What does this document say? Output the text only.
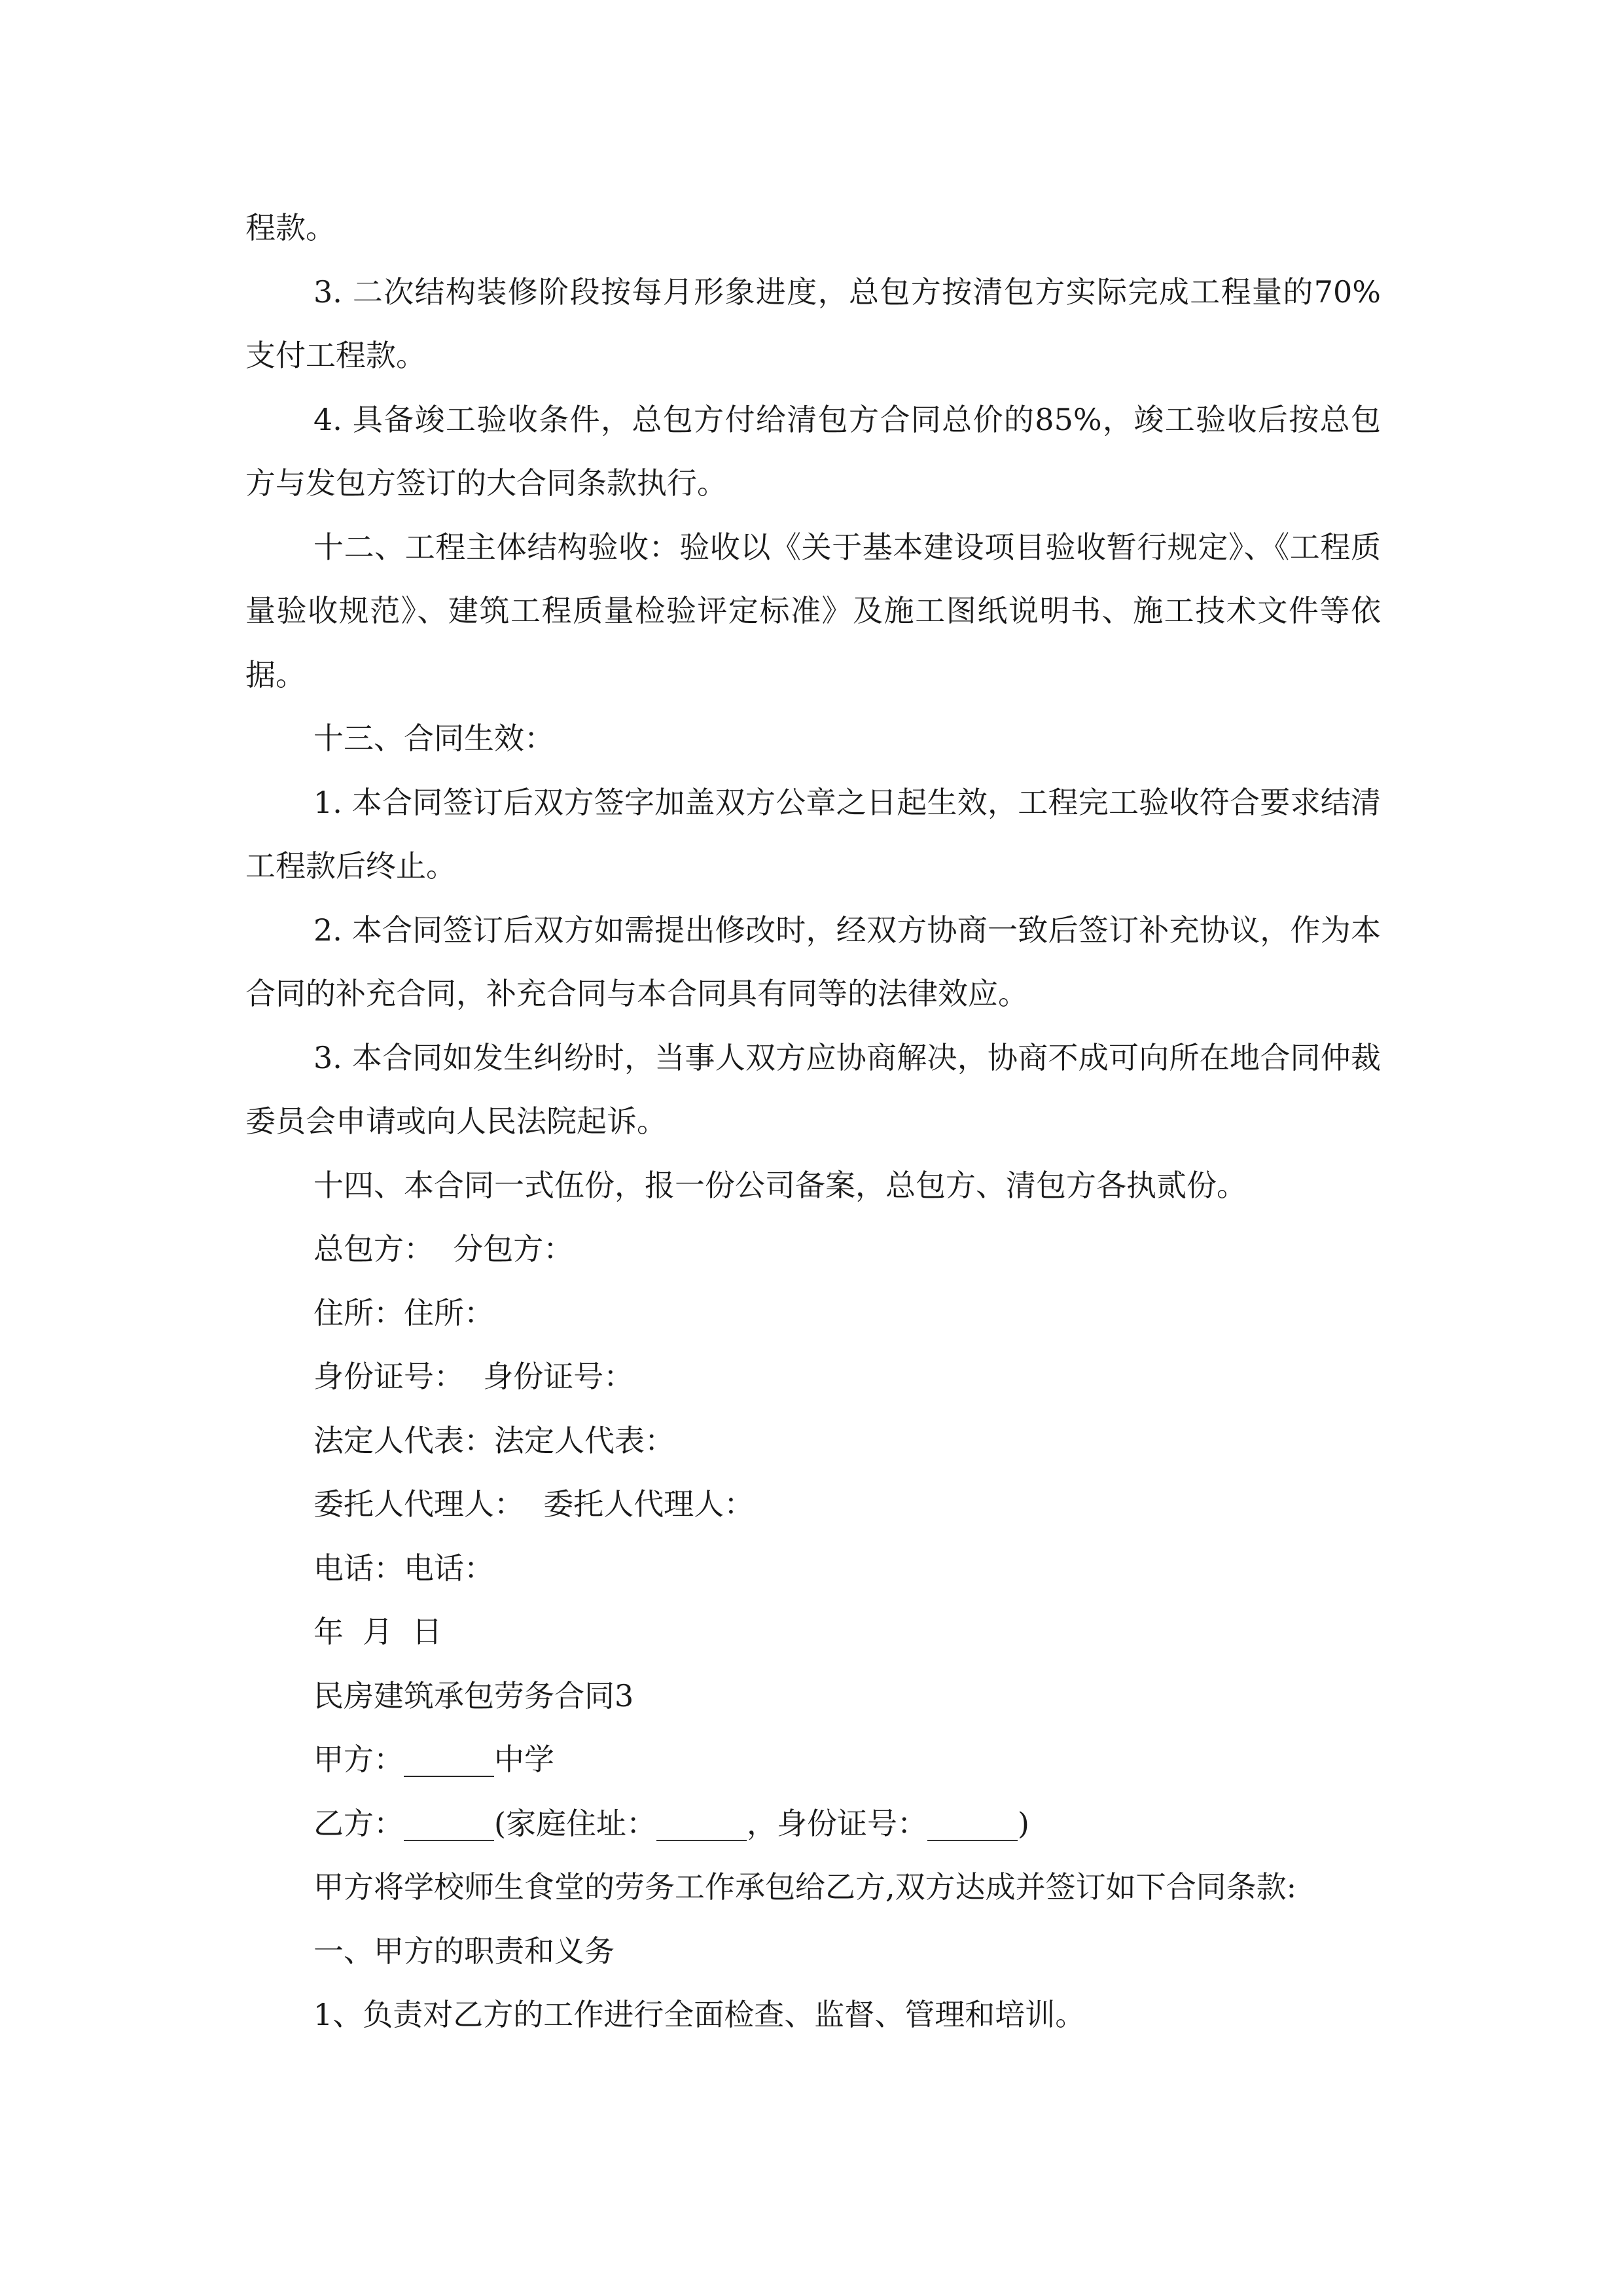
程款。

3. 二次结构装修阶段按每月形象进度，总包方按清包方实际完成工程量的70%支付工程款。

4. 具备竣工验收条件，总包方付给清包方合同总价的85%，竣工验收后按总包方与发包方签订的大合同条款执行。

十二、工程主体结构验收：验收以《关于基本建设项目验收暂行规定》、《工程质量验收规范》、建筑工程质量检验评定标准》及施工图纸说明书、施工技术文件等依据。

十三、合同生效：

1. 本合同签订后双方签字加盖双方公章之日起生效，工程完工验收符合要求结清工程款后终止。

2. 本合同签订后双方如需提出修改时，经双方协商一致后签订补充协议，作为本合同的补充合同，补充合同与本合同具有同等的法律效应。

3. 本合同如发生纠纷时，当事人双方应协商解决，协商不成可向所在地合同仲裁委员会申请或向人民法院起诉。

十四、本合同一式伍份，报一份公司备案，总包方、清包方各执贰份。

总包方：  分包方：

住所：住所：

身份证号：  身份证号：

法定人代表：法定人代表：

委托人代理人：  委托人代理人：

电话：电话：

年  月  日

民房建筑承包劳务合同3

甲方：______中学

乙方：______(家庭住址：______，身份证号：______)

甲方将学校师生食堂的劳务工作承包给乙方,双方达成并签订如下合同条款:

一、甲方的职责和义务

1、负责对乙方的工作进行全面检查、监督、管理和培训。
